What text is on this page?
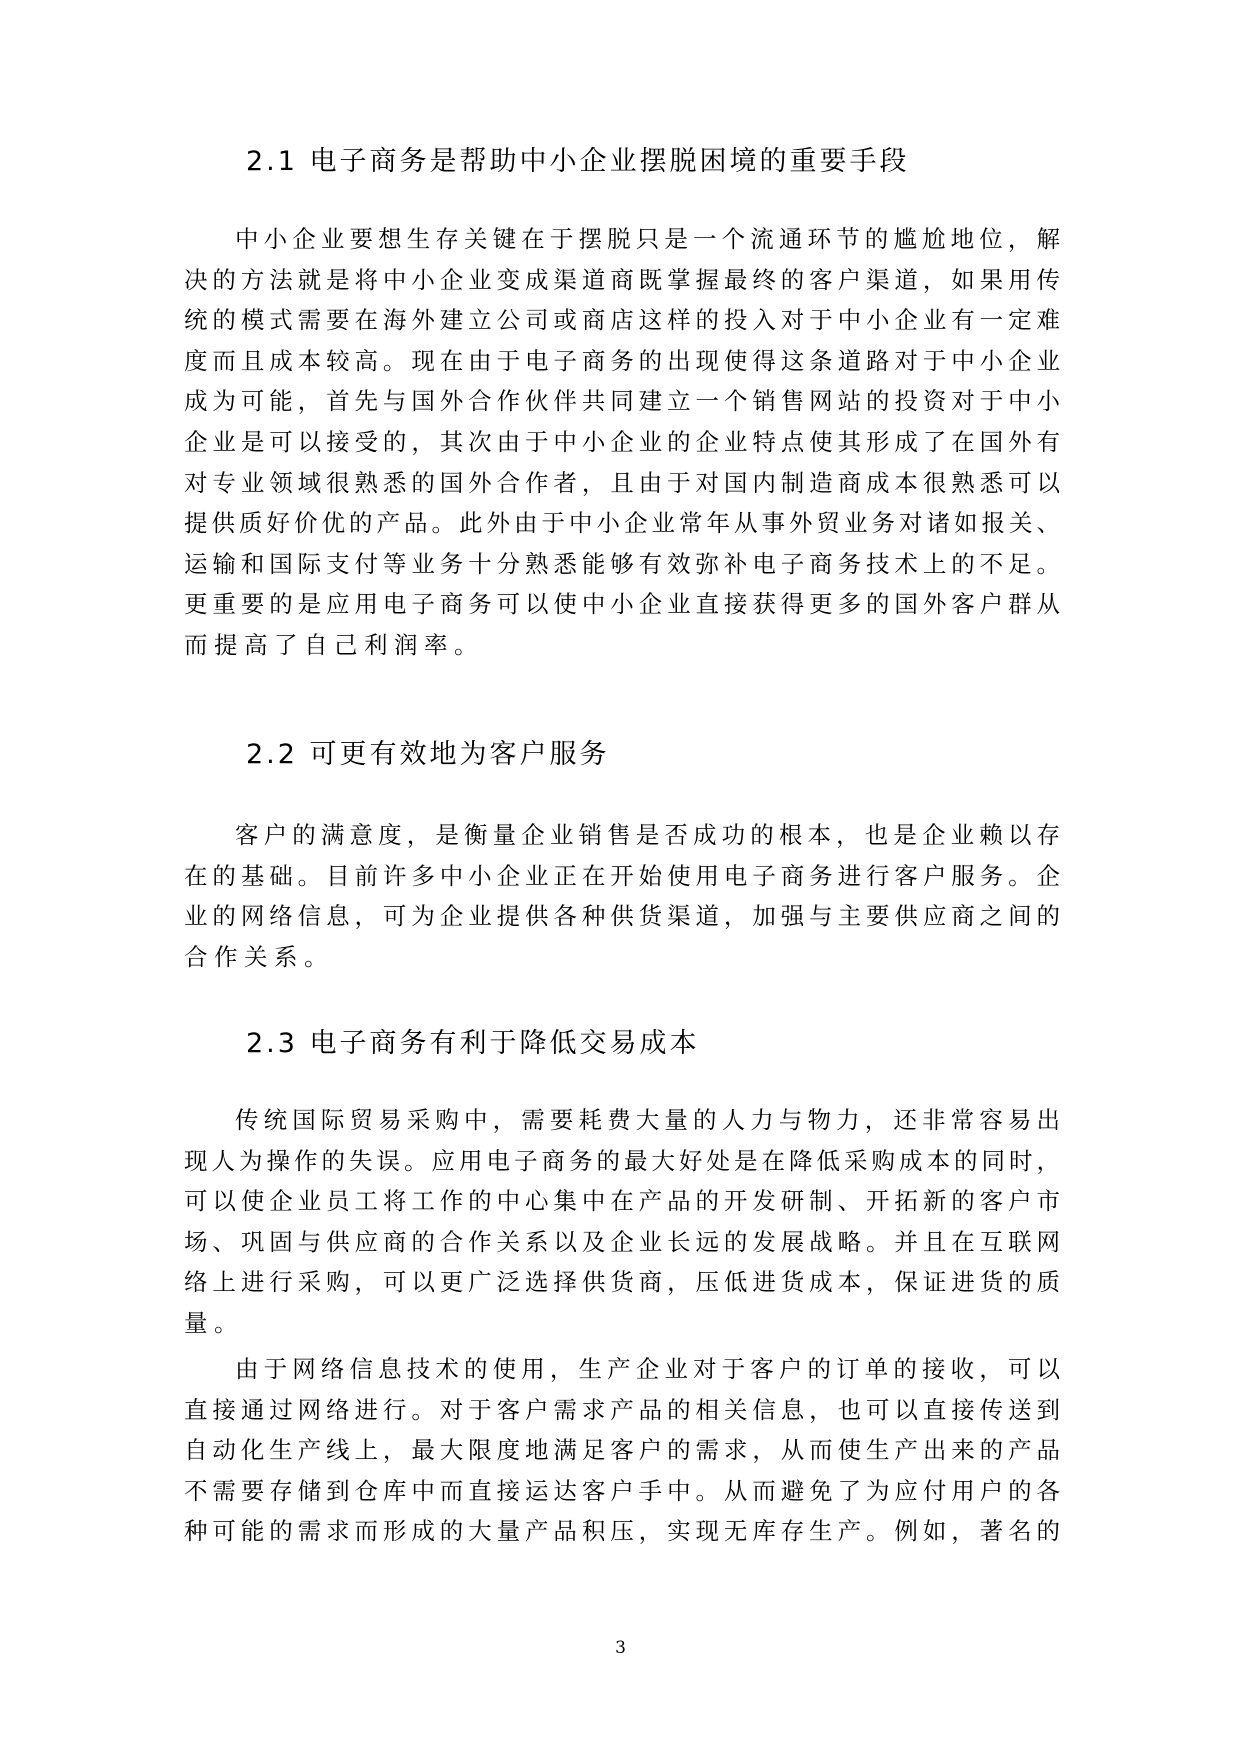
2.1 电子商务是帮助中小企业摆脱困境的重要手段
中小企业要想生存关键在于摆脱只是一个流通环节的尴尬地位，解
决的方法就是将中小企业变成渠道商既掌握最终的客户渠道，如果用传
统的模式需要在海外建立公司或商店这样的投入对于中小企业有一定难
度而且成本较高。现在由于电子商务的出现使得这条道路对于中小企业
成为可能，首先与国外合作伙伴共同建立一个销售网站的投资对于中小
企业是可以接受的，其次由于中小企业的企业特点使其形成了在国外有
对专业领域很熟悉的国外合作者，且由于对国内制造商成本很熟悉可以
提供质好价优的产品。此外由于中小企业常年从事外贸业务对诸如报关、
运输和国际支付等业务十分熟悉能够有效弥补电子商务技术上的不足。
更重要的是应用电子商务可以使中小企业直接获得更多的国外客户群从
而提高了自己利润率。
2.2 可更有效地为客户服务
客户的满意度，是衡量企业销售是否成功的根本，也是企业赖以存
在的基础。目前许多中小企业正在开始使用电子商务进行客户服务。企
业的网络信息，可为企业提供各种供货渠道，加强与主要供应商之间的
合作关系。
2.3 电子商务有利于降低交易成本
传统国际贸易采购中，需要耗费大量的人力与物力，还非常容易出
现人为操作的失误。应用电子商务的最大好处是在降低采购成本的同时，
可以使企业员工将工作的中心集中在产品的开发研制、开拓新的客户市
场、巩固与供应商的合作关系以及企业长远的发展战略。并且在互联网
络上进行采购，可以更广泛选择供货商，压低进货成本，保证进货的质
量。
由于网络信息技术的使用，生产企业对于客户的订单的接收，可以
直接通过网络进行。对于客户需求产品的相关信息，也可以直接传送到
自动化生产线上，最大限度地满足客户的需求，从而使生产出来的产品
不需要存储到仓库中而直接运达客户手中。从而避免了为应付用户的各
种可能的需求而形成的大量产品积压，实现无库存生产。例如，著名的
3
